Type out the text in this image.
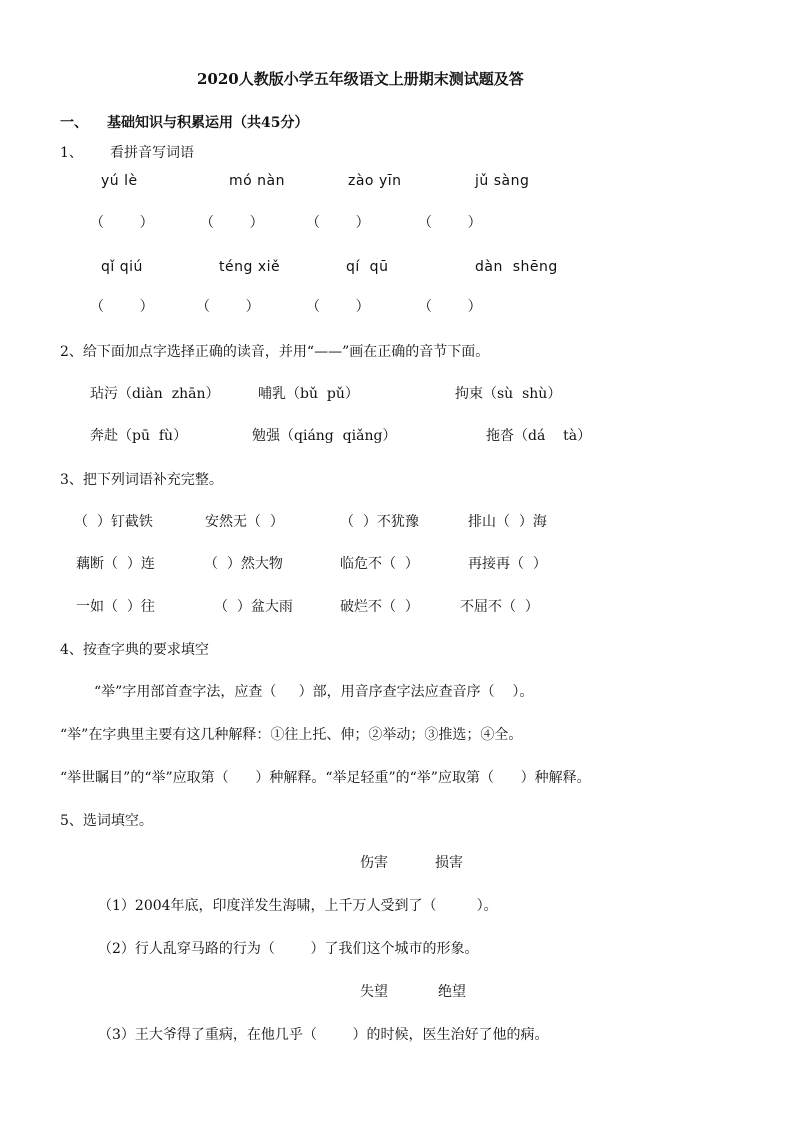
2020人教版小学五年级语文上册期末测试题及答
一、 基础知识与积累运用（共45分）
1、 看拼音写词语
yú lè	mó nàn	zào yīn	jǔ sàng
（        ）	（        ）	（        ）	（        ）
qǐ qiú	téng xiě	qí  qū	dàn  shēng
（        ）	（        ）	（        ）	（        ）
2、给下面加点字选择正确的读音，并用“——”画在正确的音节下面。
玷污（diàn  zhān）	哺乳（bǔ  pǔ）	拘束（sù  shù）
奔赴（pū  fù）	勉强（qiáng  qiǎng）	拖沓（dá    tà）
3、把下列词语补充完整。
（  ）钉截铁	安然无（  ）	（  ）不犹豫	排山（  ）海
藕断（  ）连	（  ）然大物	临危不（  ）	再接再（  ）
一如（  ）往	（  ）盆大雨	破烂不（  ）	不屈不（  ）
4、按查字典的要求填空
“举”字用部首查字法，应查（     ）部，用音序查字法应查音序（    ）。
“举”在字典里主要有这几种解释：①往上托、伸；②举动；③推选；④全。
“举世瞩目”的“举”应取第（      ）种解释。“举足轻重”的“举”应取第（      ）种解释。
5、选词填空。
伤害	损害
（1）2004年底，印度洋发生海啸，上千万人受到了（         ）。
（2）行人乱穿马路的行为（        ）了我们这个城市的形象。
失望	绝望
（3）王大爷得了重病，在他几乎（        ）的时候，医生治好了他的病。
